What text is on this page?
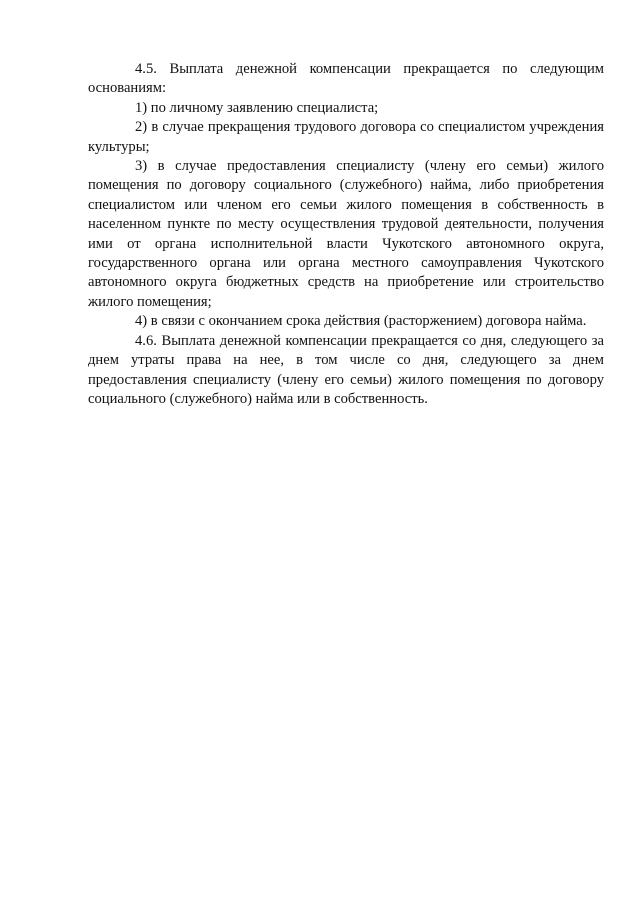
4.5. Выплата денежной компенсации прекращается по следующим основаниям:

1) по личному заявлению специалиста;

2) в случае прекращения трудового договора со специалистом учреждения культуры;

3) в случае предоставления специалисту (члену его семьи) жилого помещения по договору социального (служебного) найма, либо приобретения специалистом или членом его семьи жилого помещения в собственность в населенном пункте по месту осуществления трудовой деятельности, получения ими от органа исполнительной власти Чукотского автономного округа, государственного органа или органа местного самоуправления Чукотского автономного округа бюджетных средств на приобретение или строительство жилого помещения;

4) в связи с окончанием срока действия (расторжением) договора найма.

4.6. Выплата денежной компенсации прекращается со дня, следующего за днем утраты права на нее, в том числе со дня, следующего за днем предоставления специалисту (члену его семьи) жилого помещения по договору социального (служебного) найма или в собственность.
